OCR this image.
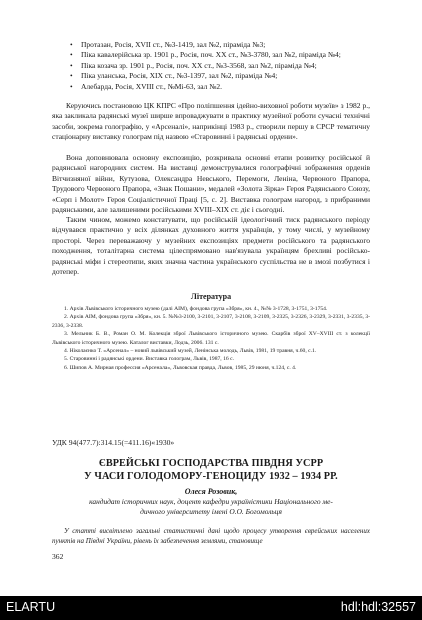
•	Протазан, Росія, XVII ст., №3-1419, зал №2, піраміда №3;
•	Піка кавалерійська зр. 1901 р., Росія, поч. ХХ ст., №3-3780, зал №2, піраміда №4;
•	Піка козача зр. 1901 р., Росія, поч. ХХ ст., №3-3568, зал №2, піраміда №4;
•	Піка уланська, Росія, ХІХ ст., №3-1397, зал №2, піраміда №4;
•	Алебарда, Росія, XVIII ст., №Мі-63, зал №2.

Керуючись постановою ЦК КПРС «Про поліпшення ідейно-виховної роботи музеїв» з 1982 р., яка закликала радянські музеї ширше впроваджувати в практику музейної роботи сучасні технічні засоби, зокрема голографію, у «Арсеналі», наприкінці 1983 р., створили першу в СРСР тематичну стаціонарну виставку голограм під назвою «Старовинні і радянські ордени».

Вона доповнювала основну експозицію, розкривала основні етапи розвитку російської й радянської нагородних систем. На виставці демонструвалися голографічні зображення орденів Вітчизняної війни, Кутузова, Олександра Невського, Перемоги, Леніна, Червоного Прапора, Трудового Червоного Прапора, «Знак Пошани», медалей «Золота Зірка» Героя Радянського Союзу, «Серп і Молот» Героя Соціалістичної Праці [5, с. 2]. Виставка голограм нагород, з прибраними радянськими, але залишеними російськими XVIII–XIX ст. діє і сьогодні.

Таким чином, можемо констатувати, що російській ідеологічний тиск радянського періоду відчувався практично у всіх ділянках духовного життя українців, у тому числі, у музейному просторі. Через переважаючу у музейних експозиціях предмети російського та радянського походження, тоталітарна система цілеспрямовано нав'язувала українцям брехливі російсько-радянські міфи і стереотипи, яких значна частина українського суспільства не в змозі позбутися і дотепер.

Література

1. Архів Львівського історичного музею (далі АІМ), фондова група «Збря», кн. 4., №№ 3-1728, 3-1751, 3-1754.

2. Архів АІМ, фондова група «Збря», кн. 5. №№3-2100, 3-2101, 3-2107, 3-2108, 3-2109, 3-2325, 3-2326, 3-2329, 3-2331, 3-2335, 3-2336, 3-2338.

3. Мельник Б. В., Роман О. М. Колекція зброї Львівського історичного музею. Скарбів зброї XV–XVIII ст. з колекції Львівського історичного музею. Каталог виставки, Лодзь, 2006. 131 с.

4. Ніколаєнко Т. «Арсенал» – новий львівський музей, Ленінська молодь, Львів, 1981, 19 травня, ч.60, с.1.

5. Старовинні і радянські ордени. Виставка голограм, Львів, 1987, 16 с.

6. Шипов А. Мирная профессия «Арсенала», Львовская правда, Львов, 1985, 29 июня, ч.124, с. 4.

УДК 94(477.7):314.15(=411.16)«1930»
ЄВРЕЙСЬКІ ГОСПОДАРСТВА ПІВДНЯ УСРР
У ЧАСИ ГОЛОДОМОРУ-ГЕНОЦИДУ 1932 – 1934 РР.
Олеся Розовик,
кандидат історичних наук, доцент кафедри україністики Національного ме-
дичного університету імені О.О. Богомольця
У статті висвітлено загальні статистичні дані щодо процесу утворення єврейських населених пунктів на Півдні України, рівень їх забезпечення землями, становище
362
ELARTU	hdl:hdl:32557
